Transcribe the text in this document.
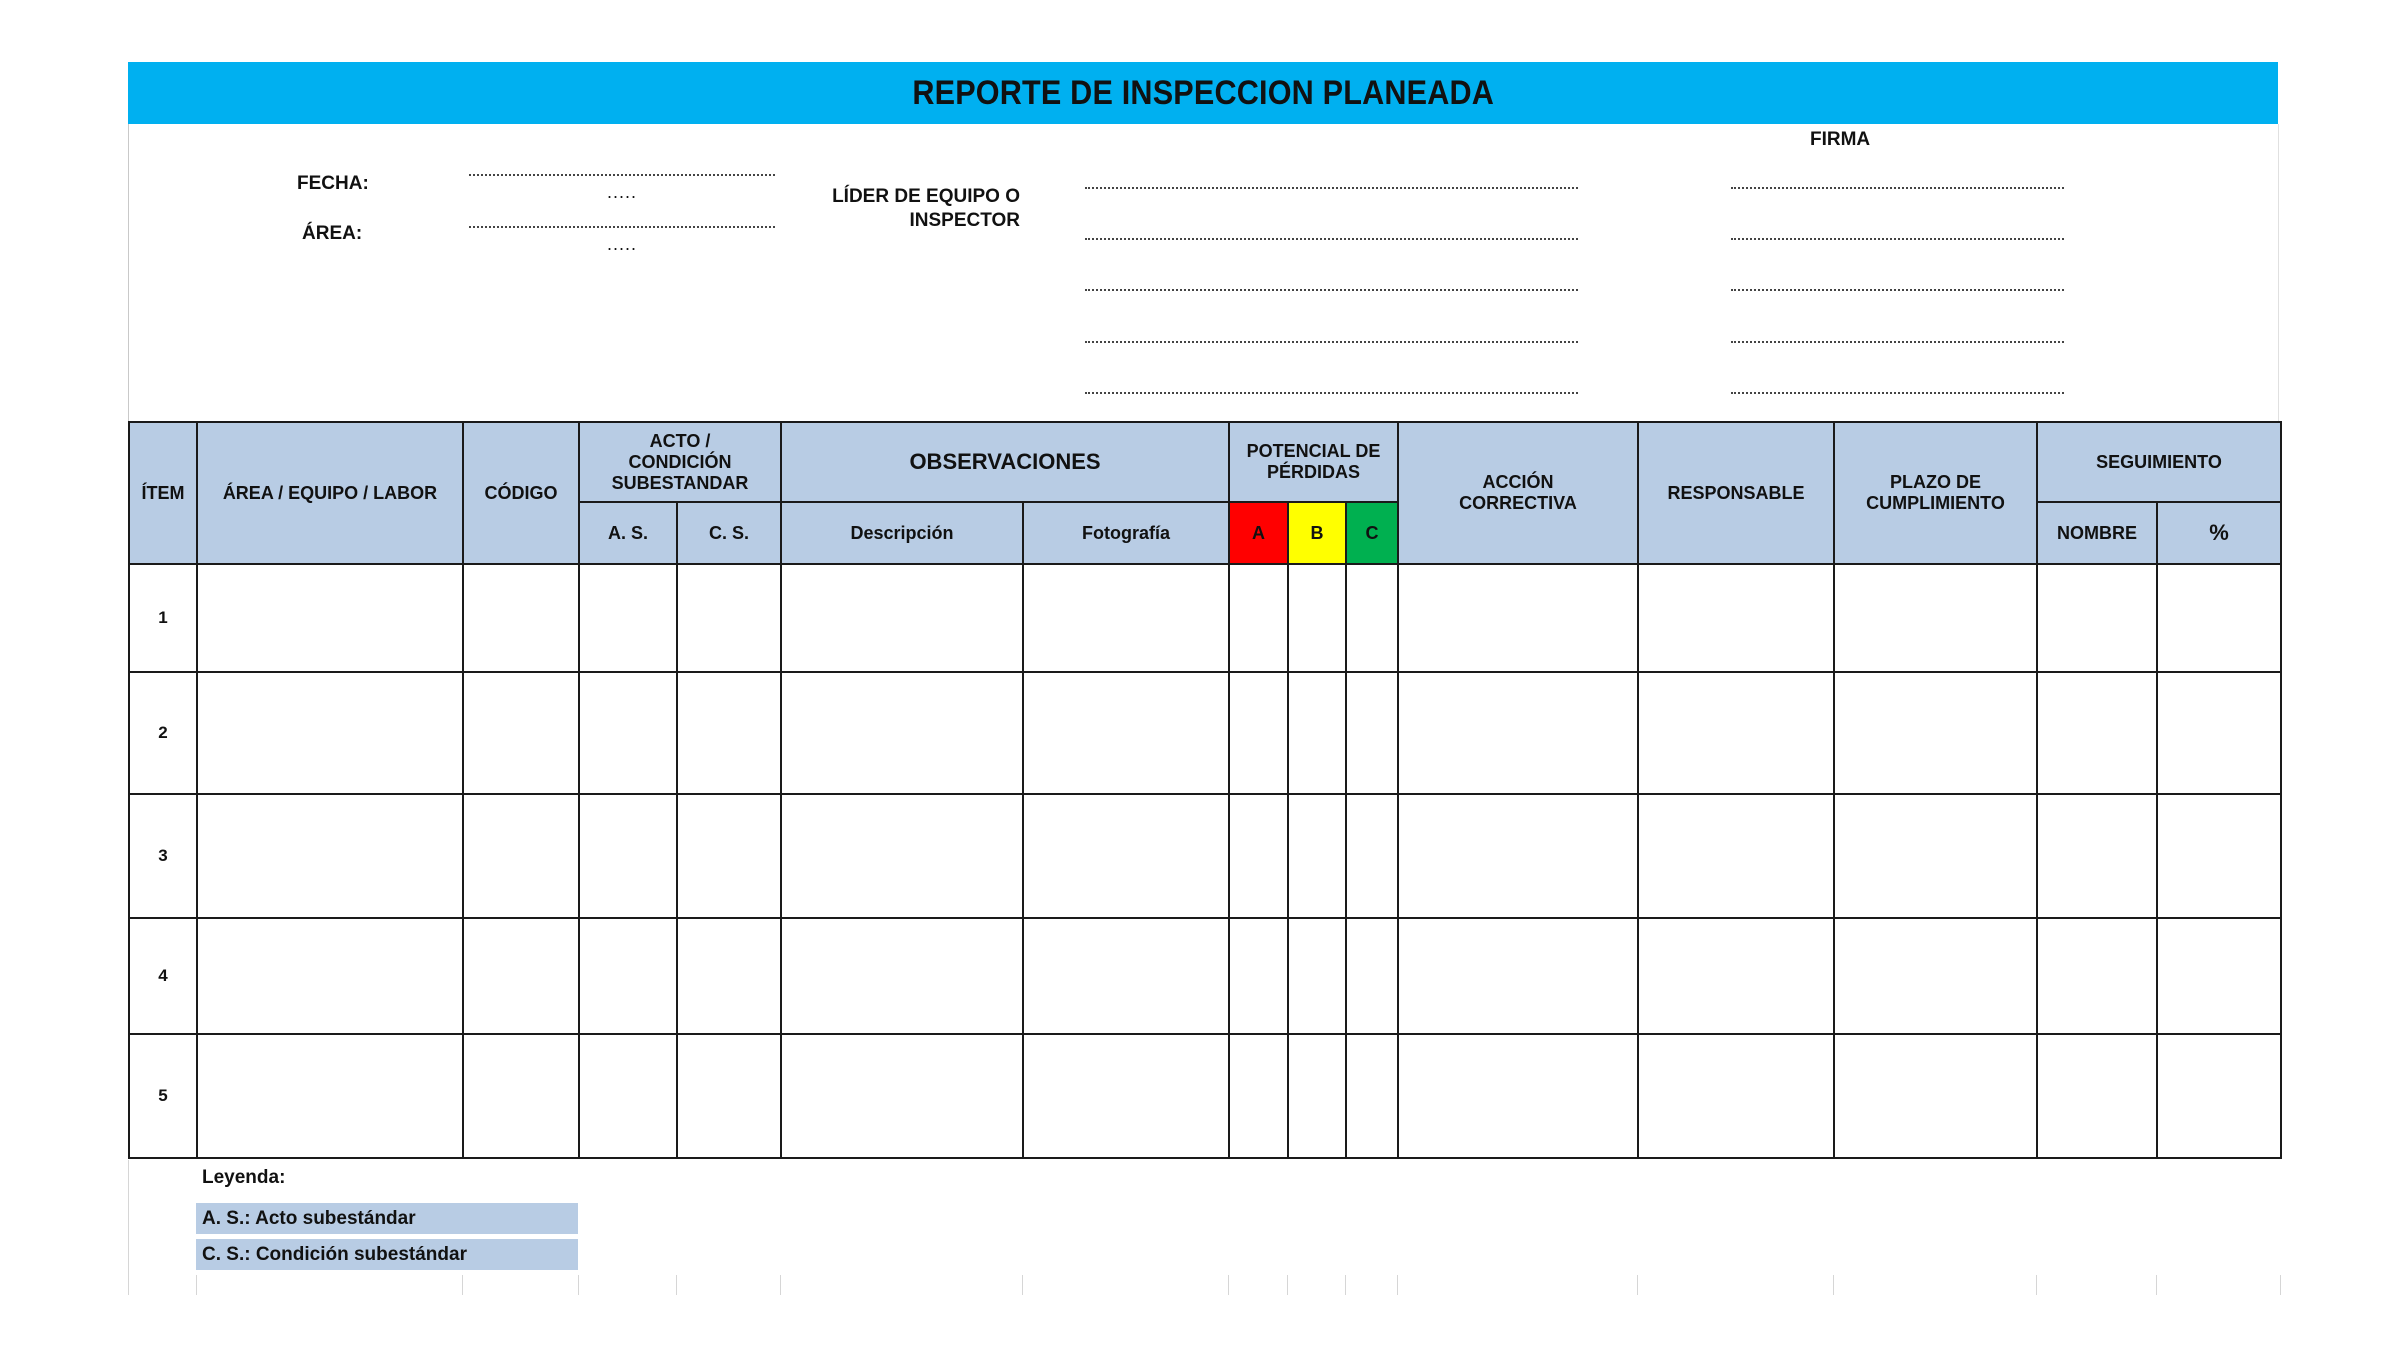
REPORTE DE INSPECCION PLANEADA
FECHA:	.....
ÁREA:	.....
LÍDER DE EQUIPO O
INSPECTOR
FIRMA
ÍTEM	ÁREA / EQUIPO / LABOR	CÓDIGO	ACTO / CONDICIÓN SUBESTANDAR		OBSERVACIONES		POTENCIAL DE PÉRDIDAS			ACCIÓN CORRECTIVA	RESPONSABLE	PLAZO DE CUMPLIMIENTO	SEGUIMIENTO	
			A. S.	C. S.	Descripción	Fotografía	A	B	C				NOMBRE	%
1														
2														
3														
4														
5														
Leyenda:
A. S.: Acto subestándar
C. S.: Condición subestándar
